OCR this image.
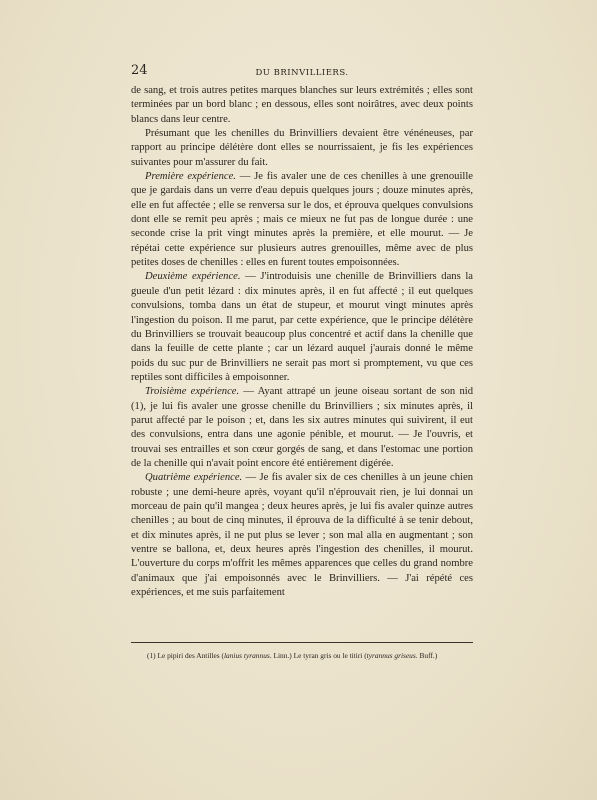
24	DU BRINVILLIERS.

de sang, et trois autres petites marques blanches sur leurs extrémités ; elles sont terminées par un bord blanc ; en dessous, elles sont noirâtres, avec deux points blancs dans leur centre.

Présumant que les chenilles du Brinvilliers devaient être vénéneuses, par rapport au principe délétère dont elles se nourrissaient, je fis les expériences suivantes pour m'assurer du fait.

Première expérience. — Je fis avaler une de ces chenilles à une grenouille que je gardais dans un verre d'eau depuis quelques jours ; douze minutes après, elle en fut affectée ; elle se renversa sur le dos, et éprouva quelques convulsions dont elle se remit peu après ; mais ce mieux ne fut pas de longue durée : une seconde crise la prit vingt minutes après la première, et elle mourut. — Je répétai cette expérience sur plusieurs autres grenouilles, même avec de plus petites doses de chenilles : elles en furent toutes empoisonnées.

Deuxième expérience. — J'introduisis une chenille de Brinvilliers dans la gueule d'un petit lézard : dix minutes après, il en fut affecté ; il eut quelques convulsions, tomba dans un état de stupeur, et mourut vingt minutes après l'ingestion du poison. Il me parut, par cette expérience, que le principe délétère du Brinvilliers se trouvait beaucoup plus concentré et actif dans la chenille que dans la feuille de cette plante ; car un lézard auquel j'aurais donné le même poids du suc pur de Brinvilliers ne serait pas mort si promptement, vu que ces reptiles sont difficiles à empoisonner.

Troisième expérience. — Ayant attrapé un jeune oiseau sortant de son nid (1), je lui fis avaler une grosse chenille du Brinvilliers ; six minutes après, il parut affecté par le poison ; et, dans les six autres minutes qui suivirent, il eut des convulsions, entra dans une agonie pénible, et mourut. — Je l'ouvris, et trouvai ses entrailles et son cœur gorgés de sang, et dans l'estomac une portion de la chenille qui n'avait point encore été entièrement digérée.

Quatrième expérience. — Je fis avaler six de ces chenilles à un jeune chien robuste ; une demi-heure après, voyant qu'il n'éprouvait rien, je lui donnai un morceau de pain qu'il mangea ; deux heures après, je lui fis avaler quinze autres chenilles ; au bout de cinq minutes, il éprouva de la difficulté à se tenir debout, et dix minutes après, il ne put plus se lever ; son mal alla en augmentant ; son ventre se ballona, et, deux heures après l'ingestion des chenilles, il mourut. L'ouverture du corps m'offrit les mêmes apparences que celles du grand nombre d'animaux que j'ai empoisonnés avec le Brinvilliers. — J'ai répété ces expériences, et me suis parfaitement

(1) Le pipiri des Antilles (lanius tyrannus. Linn.) Le tyran gris ou le titiri (tyrannus griseus. Buff.)
